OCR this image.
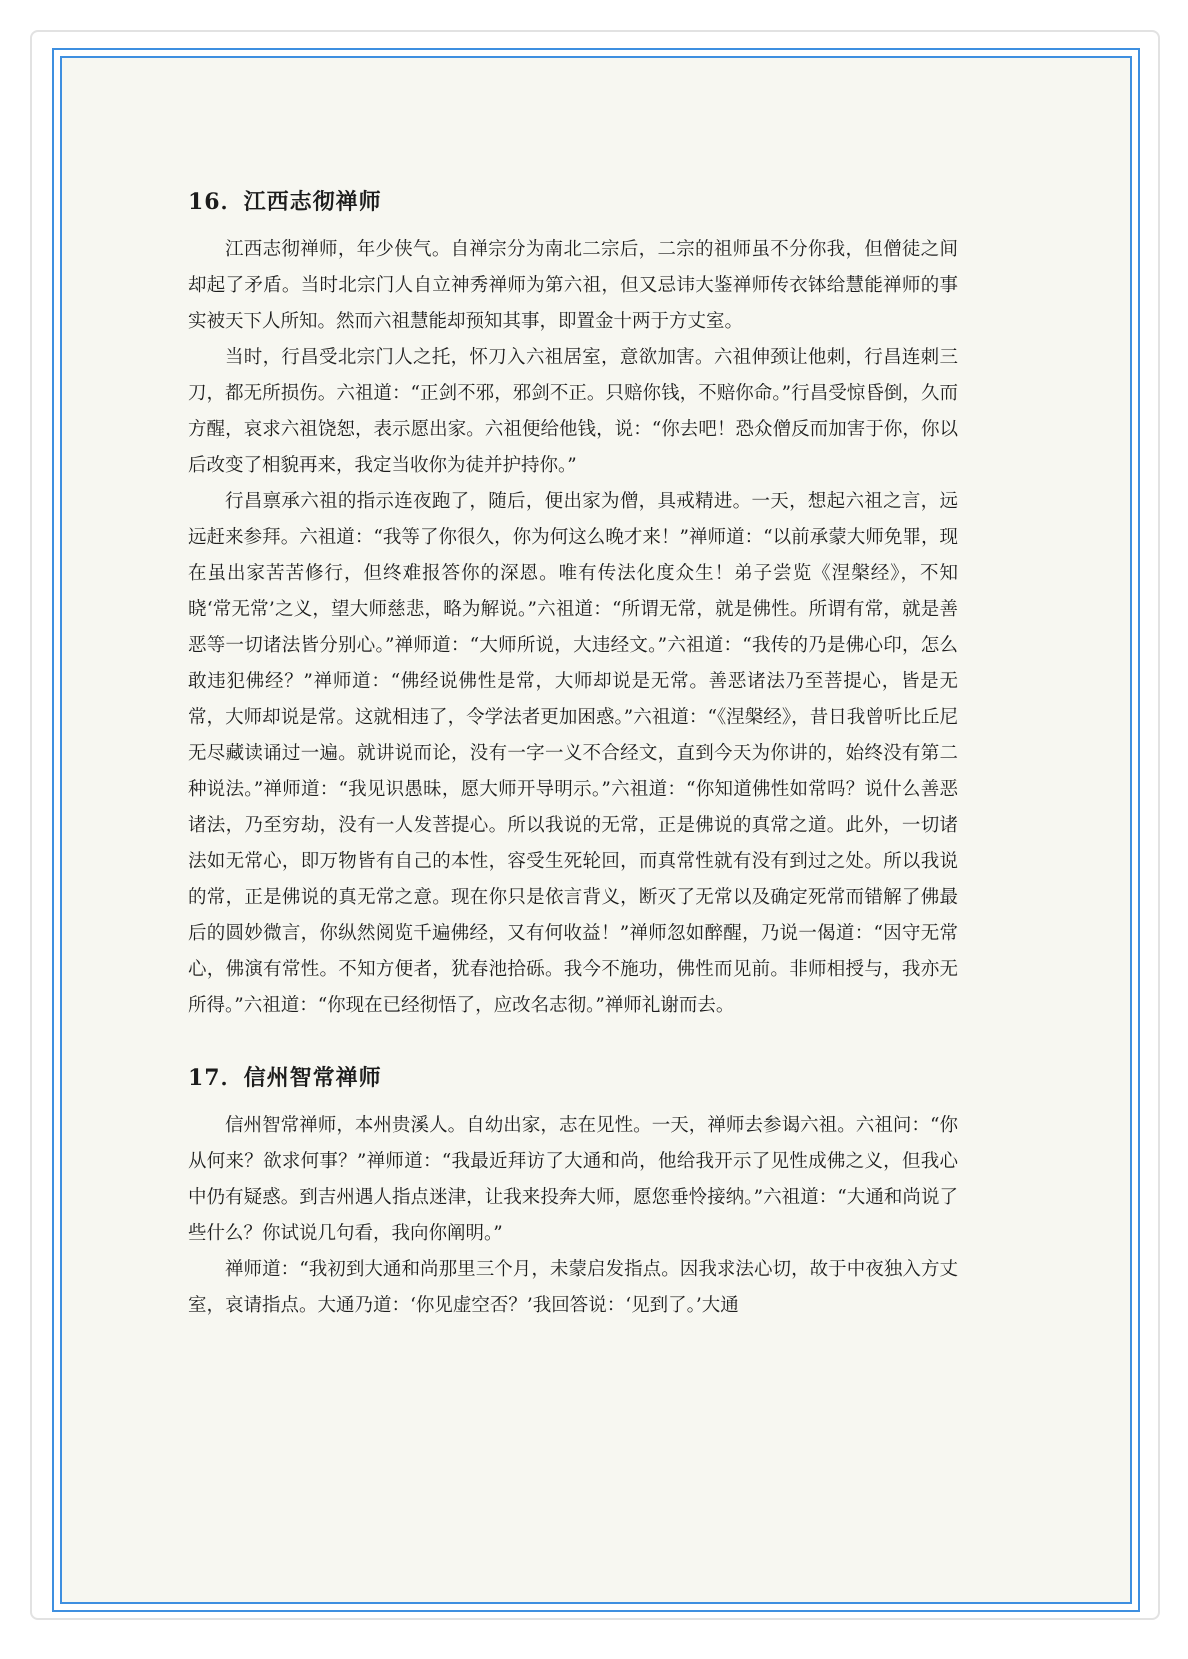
16．江西志彻禅师

江西志彻禅师，年少侠气。自禅宗分为南北二宗后，二宗的祖师虽不分你我，但僧徒之间却起了矛盾。当时北宗门人自立神秀禅师为第六祖，但又忌讳大鉴禅师传衣钵给慧能禅师的事实被天下人所知。然而六祖慧能却预知其事，即置金十两于方丈室。

当时，行昌受北宗门人之托，怀刀入六祖居室，意欲加害。六祖伸颈让他刺，行昌连刺三刀，都无所损伤。六祖道：“正剑不邪，邪剑不正。只赔你钱，不赔你命。”行昌受惊昏倒，久而方醒，哀求六祖饶恕，表示愿出家。六祖便给他钱，说：“你去吧！恐众僧反而加害于你，你以后改变了相貌再来，我定当收你为徒并护持你。”

行昌禀承六祖的指示连夜跑了，随后，便出家为僧，具戒精进。一天，想起六祖之言，远远赶来参拜。六祖道：“我等了你很久，你为何这么晚才来！”禅师道：“以前承蒙大师免罪，现在虽出家苦苦修行，但终难报答你的深恩。唯有传法化度众生！弟子尝览《涅槃经》，不知晓‘常无常’之义，望大师慈悲，略为解说。”六祖道：“所谓无常，就是佛性。所谓有常，就是善恶等一切诸法皆分别心。”禅师道：“大师所说，大违经文。”六祖道：“我传的乃是佛心印，怎么敢违犯佛经？”禅师道：“佛经说佛性是常，大师却说是无常。善恶诸法乃至菩提心，皆是无常，大师却说是常。这就相违了，令学法者更加困惑。”六祖道：“《涅槃经》，昔日我曾听比丘尼无尽藏读诵过一遍。就讲说而论，没有一字一义不合经文，直到今天为你讲的，始终没有第二种说法。”禅师道：“我见识愚昧，愿大师开导明示。”六祖道：“你知道佛性如常吗？说什么善恶诸法，乃至穷劫，没有一人发菩提心。所以我说的无常，正是佛说的真常之道。此外，一切诸法如无常心，即万物皆有自己的本性，容受生死轮回，而真常性就有没有到过之处。所以我说的常，正是佛说的真无常之意。现在你只是依言背义，断灭了无常以及确定死常而错解了佛最后的圆妙微言，你纵然阅览千遍佛经，又有何收益！”禅师忽如醉醒，乃说一偈道：“因守无常心，佛演有常性。不知方便者，犹春池拾砾。我今不施功，佛性而见前。非师相授与，我亦无所得。”六祖道：“你现在已经彻悟了，应改名志彻。”禅师礼谢而去。

17．信州智常禅师

信州智常禅师，本州贵溪人。自幼出家，志在见性。一天，禅师去参谒六祖。六祖问：“你从何来？欲求何事？”禅师道：“我最近拜访了大通和尚，他给我开示了见性成佛之义，但我心中仍有疑惑。到吉州遇人指点迷津，让我来投奔大师，愿您垂怜接纳。”六祖道：“大通和尚说了些什么？你试说几句看，我向你阐明。”

禅师道：“我初到大通和尚那里三个月，未蒙启发指点。因我求法心切，故于中夜独入方丈室，哀请指点。大通乃道：‘你见虚空否？’我回答说：‘见到了。’大通
